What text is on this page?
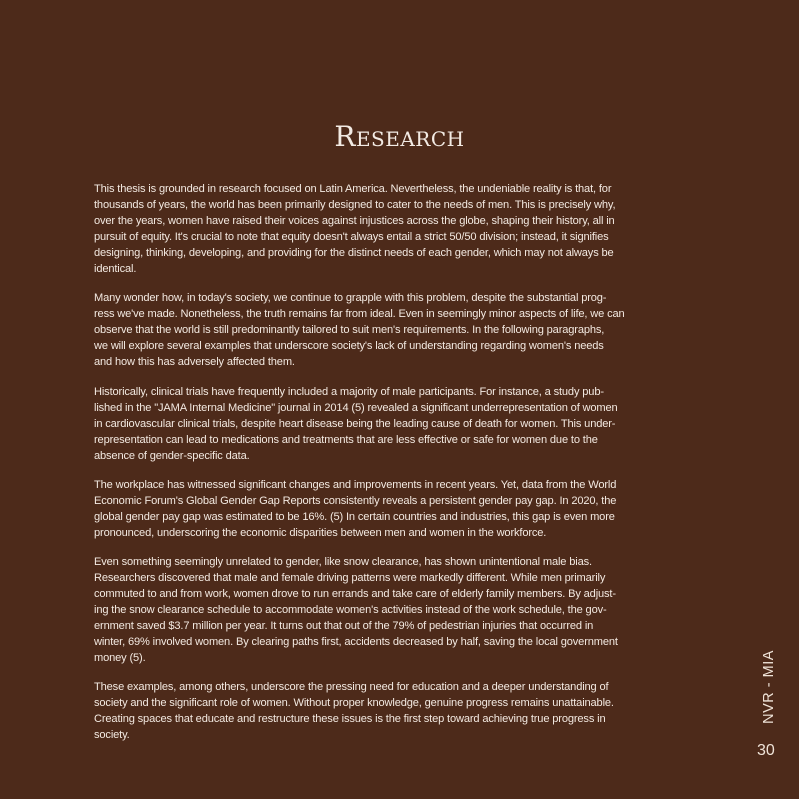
Research

This thesis is grounded in research focused on Latin America. Nevertheless, the undeniable reality is that, for
thousands of years, the world has been primarily designed to cater to the needs of men. This is precisely why,
over the years, women have raised their voices against injustices across the globe, shaping their history, all in
pursuit of equity. It's crucial to note that equity doesn't always entail a strict 50/50 division; instead, it signifies
designing, thinking, developing, and providing for the distinct needs of each gender, which may not always be
identical.

Many wonder how, in today's society, we continue to grapple with this problem, despite the substantial prog-
ress we've made. Nonetheless, the truth remains far from ideal. Even in seemingly minor aspects of life, we can
observe that the world is still predominantly tailored to suit men's requirements. In the following paragraphs,
we will explore several examples that underscore society's lack of understanding regarding women's needs
and how this has adversely affected them.

Historically, clinical trials have frequently included a majority of male participants. For instance, a study pub-
lished in the "JAMA Internal Medicine" journal in 2014 (5) revealed a significant underrepresentation of women
in cardiovascular clinical trials, despite heart disease being the leading cause of death for women. This under-
representation can lead to medications and treatments that are less effective or safe for women due to the
absence of gender-specific data.

The workplace has witnessed significant changes and improvements in recent years. Yet, data from the World
Economic Forum's Global Gender Gap Reports consistently reveals a persistent gender pay gap. In 2020, the
global gender pay gap was estimated to be 16%. (5) In certain countries and industries, this gap is even more
pronounced, underscoring the economic disparities between men and women in the workforce.

Even something seemingly unrelated to gender, like snow clearance, has shown unintentional male bias.
Researchers discovered that male and female driving patterns were markedly different. While men primarily
commuted to and from work, women drove to run errands and take care of elderly family members. By adjust-
ing the snow clearance schedule to accommodate women's activities instead of the work schedule, the gov-
ernment saved $3.7 million per year. It turns out that out of the 79% of pedestrian injuries that occurred in
winter, 69% involved women. By clearing paths first, accidents decreased by half, saving the local government
money (5).

These examples, among others, underscore the pressing need for education and a deeper understanding of
society and the significant role of women. Without proper knowledge, genuine progress remains unattainable.
Creating spaces that educate and restructure these issues is the first step toward achieving true progress in
society.

NVR - MIA
30
